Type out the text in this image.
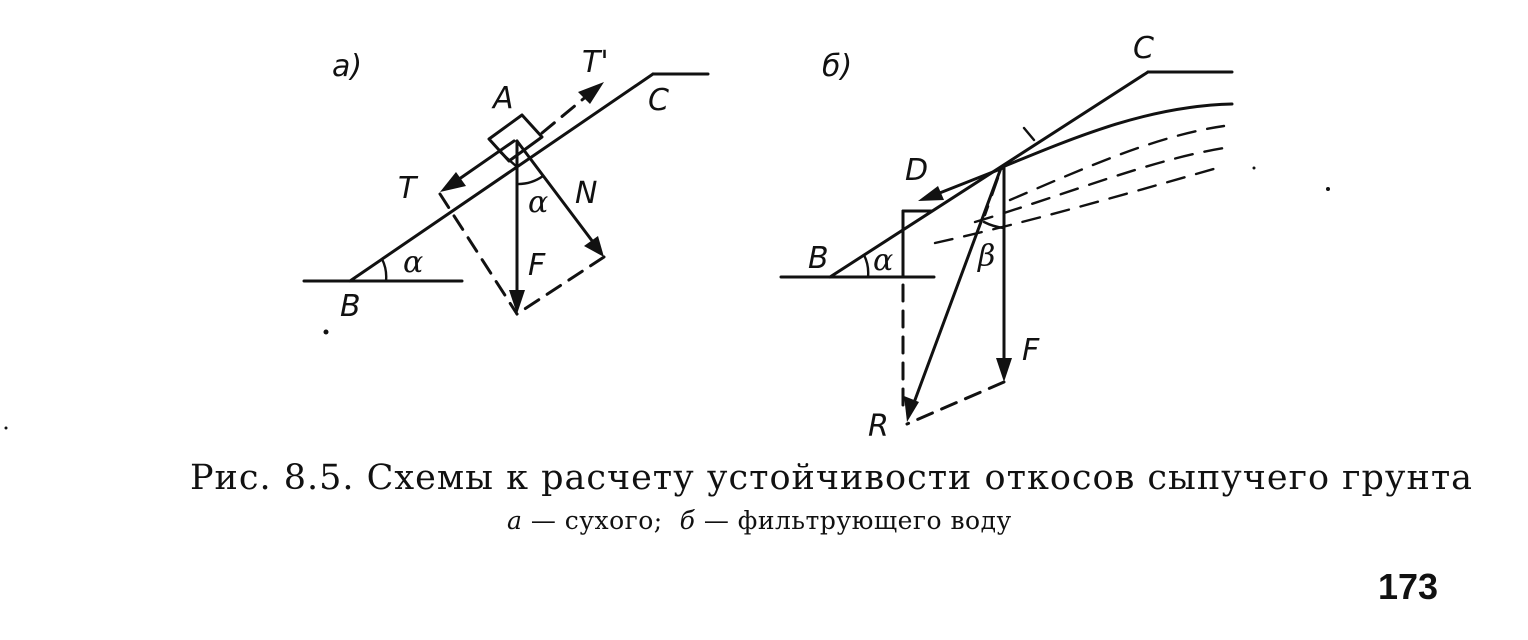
а)
α
α
A
T'
C
T	N
F
B
б)
β
α
C
D
B
F
R
Рис. 8.5. Схемы к расчету устойчивости откосов сыпучего грунта
а — сухого; б — фильтрующего воду
173
